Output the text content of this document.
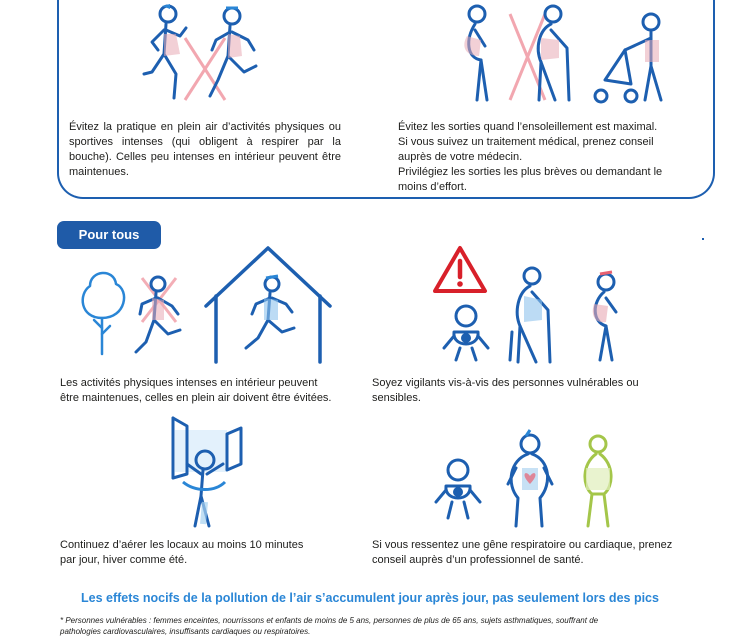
Évitez la pratique en plein air d’activités physiques ou sportives intenses (qui obligent à respirer par la bouche). Celles peu intenses en intérieur peuvent être maintenues.
Évitez les sorties quand l’ensoleillement est maximal.
Si vous suivez un traitement médical, prenez conseil
auprès de votre médecin.
Privilégiez les sorties les plus brèves ou demandant le
moins d’effort.
Pour tous
Les activités physiques intenses en intérieur peuvent
être maintenues, celles en plein air doivent être évitées.
Soyez vigilants vis-à-vis des personnes vulnérables ou
sensibles.
Continuez d’aérer les locaux au moins 10 minutes
par jour, hiver comme été.
Si vous ressentez une gêne respiratoire ou cardiaque, prenez
conseil auprès d’un professionnel de santé.
Les effets nocifs de la pollution de l’air s’accumulent jour après jour, pas seulement lors des pics
* Personnes vulnérables : femmes enceintes, nourrissons et enfants de moins de 5 ans, personnes de plus de 65 ans, sujets asthmatiques, souffrant de
pathologies cardiovasculaires, insuffisants cardiaques ou respiratoires.
